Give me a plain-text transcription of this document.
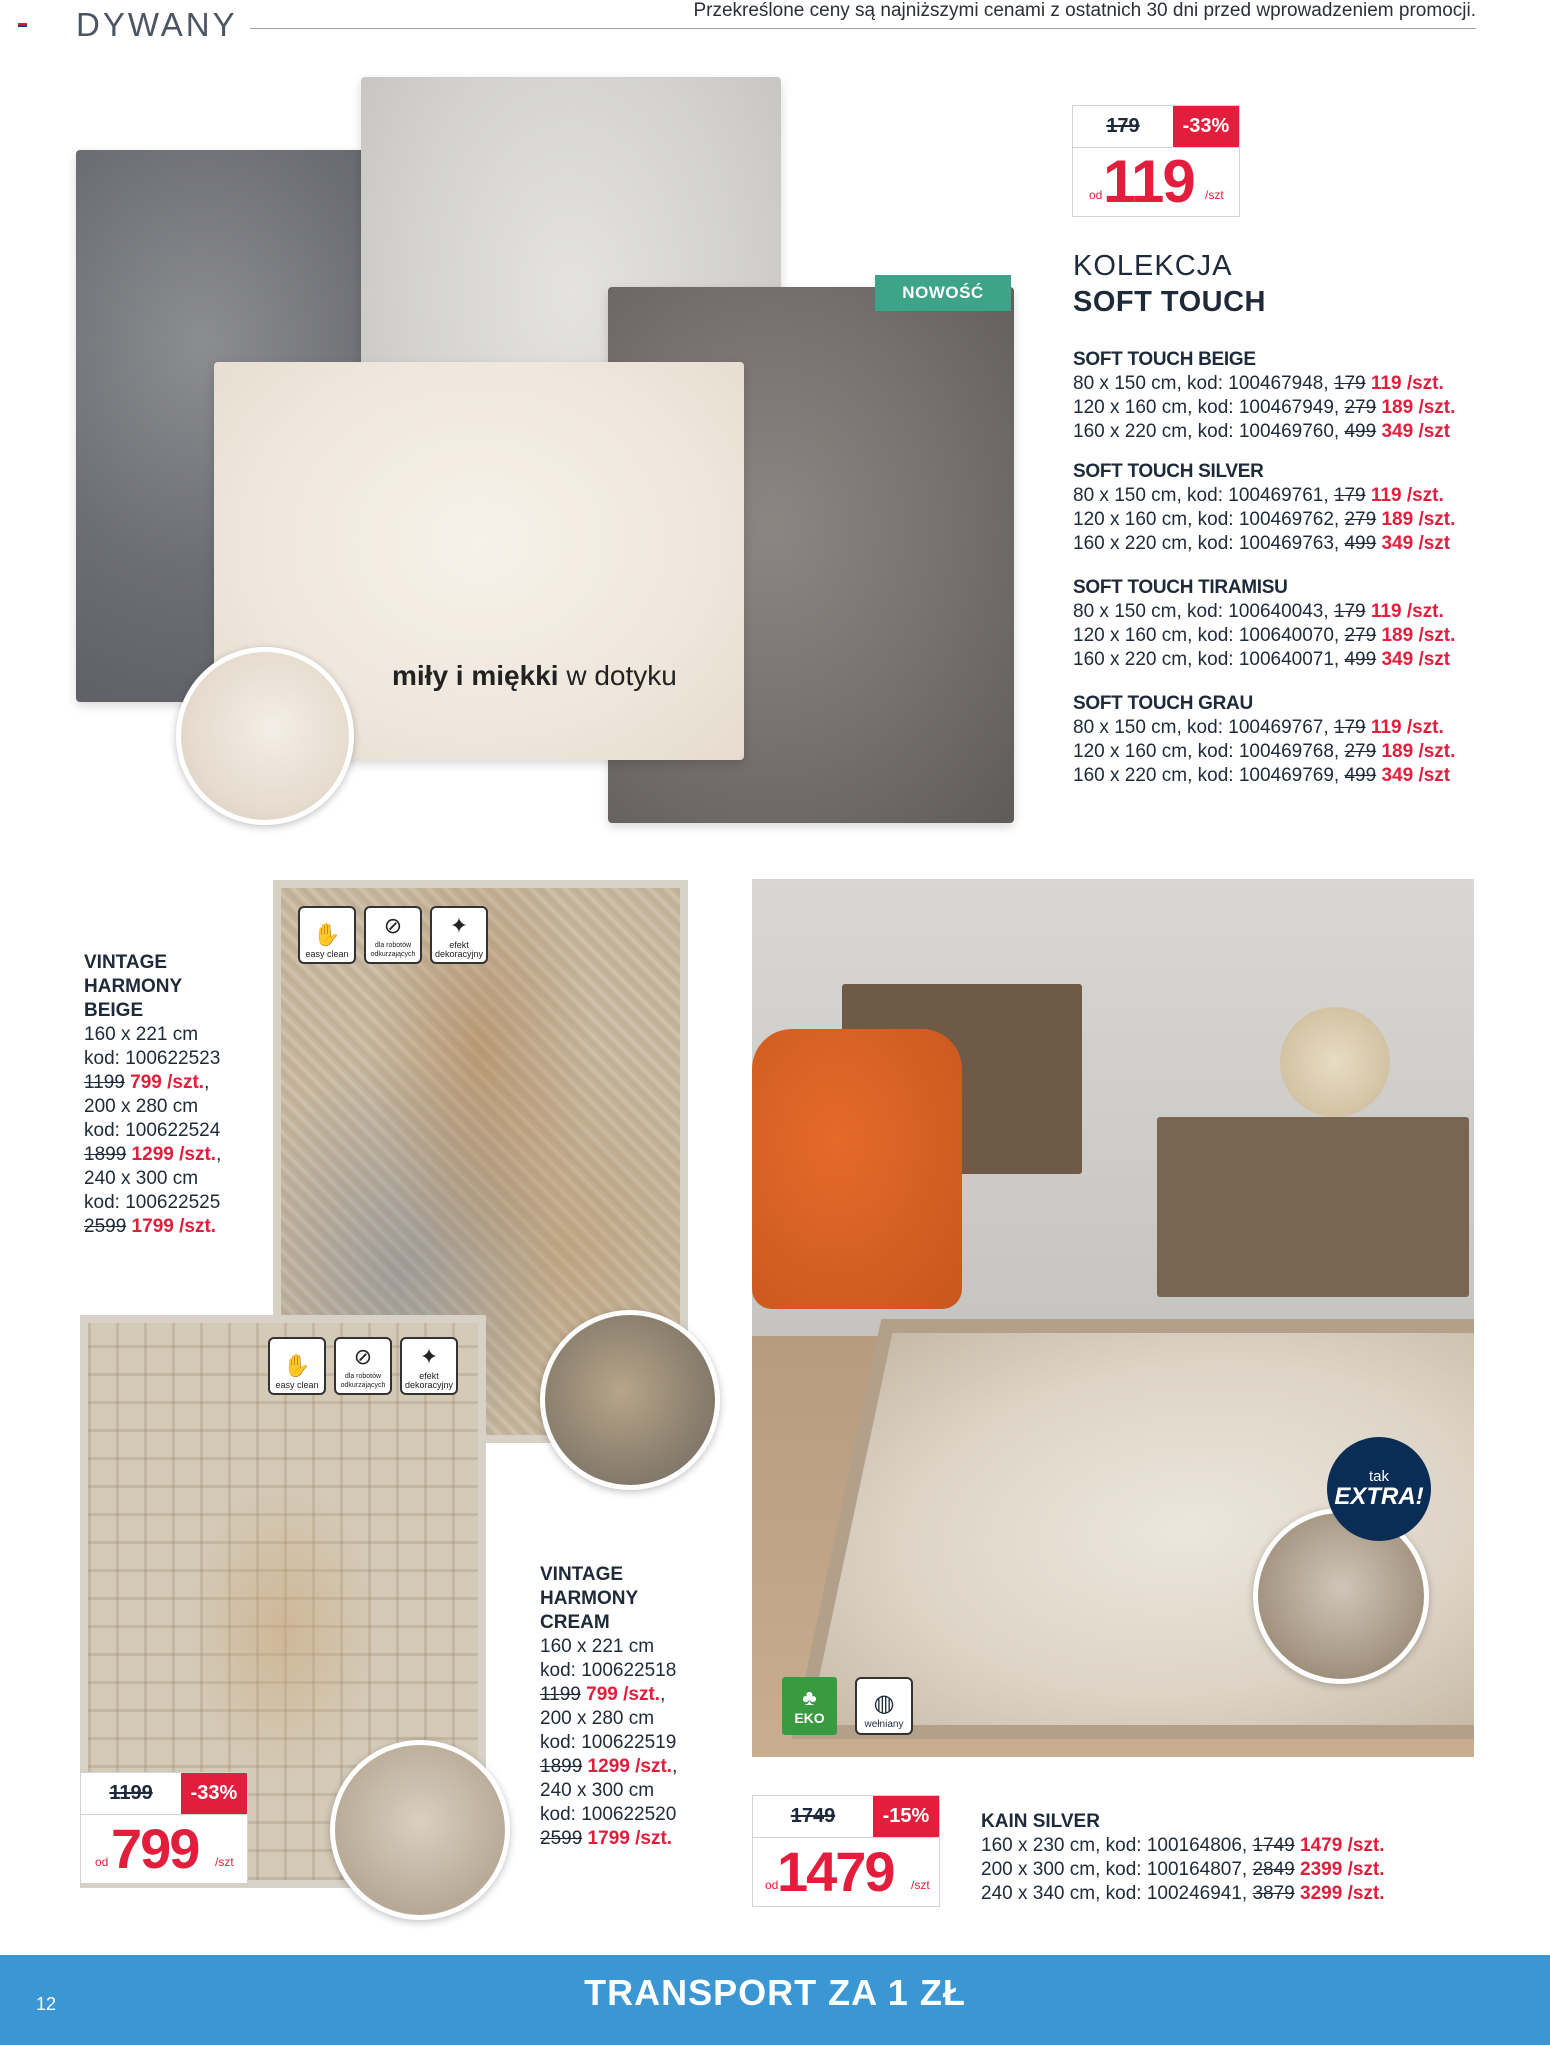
DYWANY	Przekreślone ceny są najniższymi cenami z ostatnich 30 dni przed wprowadzeniem promocji.
miły i miękki w dotyku
NOWOŚĆ
179	-33%
od 119 /szt
KOLEKCJA
SOFT TOUCH
SOFT TOUCH BEIGE
80 x 150 cm, kod: 100467948, 179 119 /szt.
120 x 160 cm, kod: 100467949, 279 189 /szt.
160 x 220 cm, kod: 100469760, 499 349 /szt
SOFT TOUCH SILVER
80 x 150 cm, kod: 100469761, 179 119 /szt.
120 x 160 cm, kod: 100469762, 279 189 /szt.
160 x 220 cm, kod: 100469763, 499 349 /szt
SOFT TOUCH TIRAMISU
80 x 150 cm, kod: 100640043, 179 119 /szt.
120 x 160 cm, kod: 100640070, 279 189 /szt.
160 x 220 cm, kod: 100640071, 499 349 /szt
SOFT TOUCH GRAU
80 x 150 cm, kod: 100469767, 179 119 /szt.
120 x 160 cm, kod: 100469768, 279 189 /szt.
160 x 220 cm, kod: 100469769, 499 349 /szt
✋
easy clean
⊘
dla robotów odkurzających
✦
efekt dekoracyjny
VINTAGE
HARMONY
BEIGE
160 x 221 cm
kod: 100622523
1199 799 /szt.,
200 x 280 cm
kod: 100622524
1899 1299 /szt.,
240 x 300 cm
kod: 100622525
2599 1799 /szt.
✋
easy clean
⊘
dla robotów odkurzających
✦
efekt dekoracyjny
1199	-33%
od 799 /szt
VINTAGE
HARMONY
CREAM
160 x 221 cm
kod: 100622518
1199 799 /szt.,
200 x 280 cm
kod: 100622519
1899 1299 /szt.,
240 x 300 cm
kod: 100622520
2599 1799 /szt.
tak
EXTRA!
♣
EKO
◍
wełniany
1749	-15%
od
1479 /szt
KAIN SILVER
160 x 230 cm, kod: 100164806, 1749 1479 /szt.
200 x 300 cm, kod: 100164807, 2849 2399 /szt.
240 x 340 cm, kod: 100246941, 3879 3299 /szt.
TRANSPORT ZA 1 ZŁ
12
